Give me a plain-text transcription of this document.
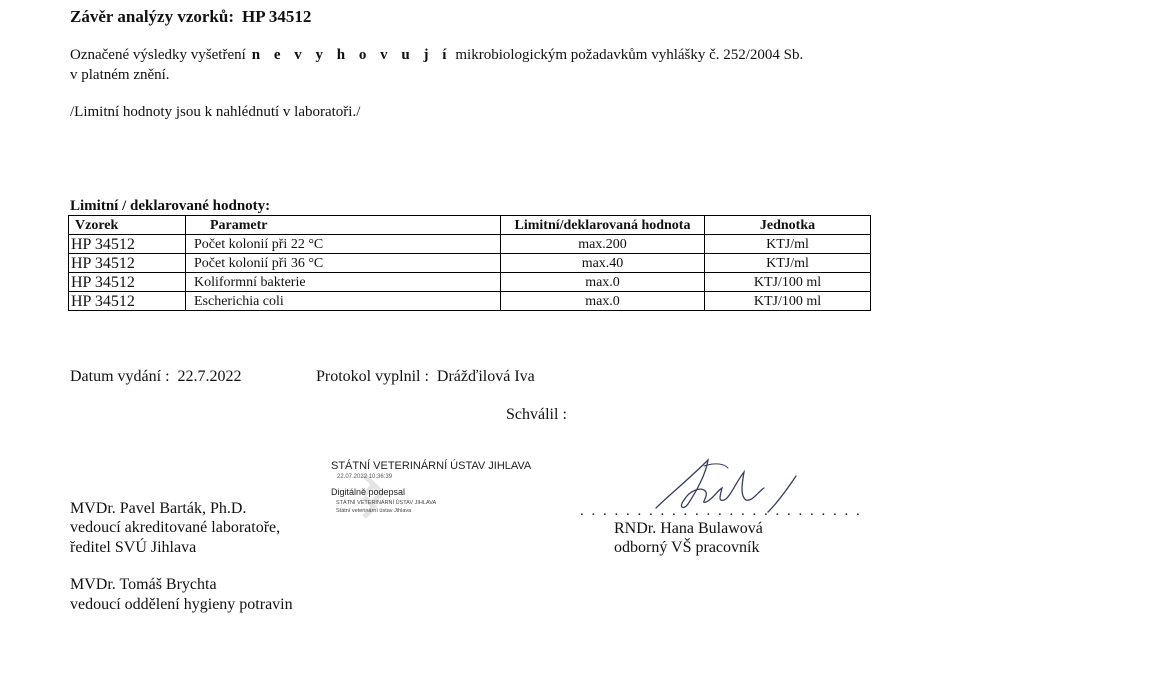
Závěr analýzy vzorků: HP 34512
Označené výsledky vyšetření n e v y h o v u j í mikrobiologickým požadavkům vyhlášky č. 252/2004 Sb.
v platném znění.
/Limitní hodnoty jsou k nahlédnutí v laboratoři./
Limitní / deklarované hodnoty:
Vzorek	Parametr	Limitní/deklarovaná hodnota	Jednotka
HP 34512	Počet kolonií při 22 °C	max.200	KTJ/ml
HP 34512	Počet kolonií při 36 °C	max.40	KTJ/ml
HP 34512	Koliformní bakterie	max.0	KTJ/100 ml
HP 34512	Escherichia coli	max.0	KTJ/100 ml
Datum vydání : 22.7.2022	Protokol vyplnil : Drážďilová Iva
Schválil :
STÁTNÍ VETERINÁRNÍ ÚSTAV JIHLAVA
22.07.2022 10:36:39
Digitálně podepsal
STÁTNÍ VETERINÁRNÍ ÚSTAV JIHLAVA
Státní veterinární ústav Jihlava
MVDr. Pavel Barták, Ph.D.
vedoucí akreditované laboratoře,
ředitel SVÚ Jihlava
MVDr. Tomáš Brychta
vedoucí oddělení hygieny potravin
. . . . . . . . . . . . . . . . . . . . . . . . .
RNDr. Hana Bulawová
odborný VŠ pracovník
